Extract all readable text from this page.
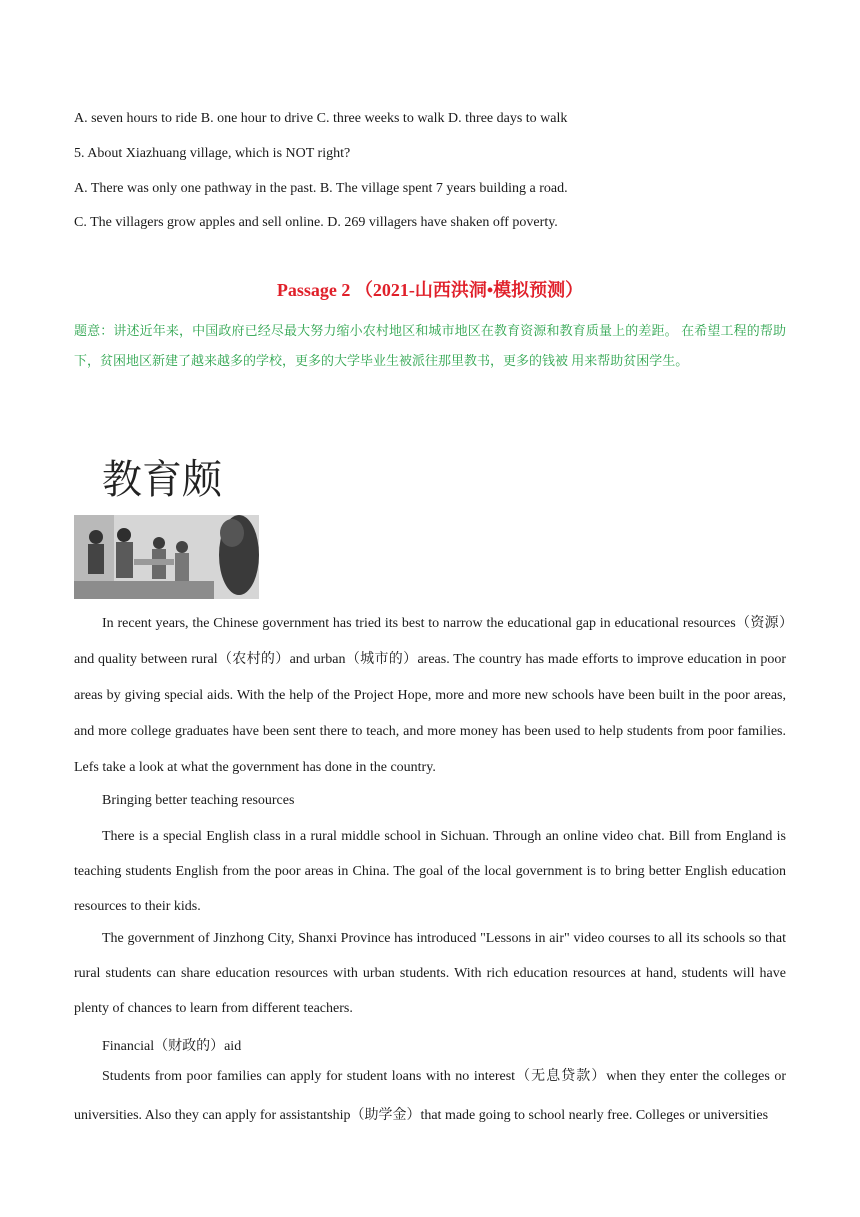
A. seven hours to ride B. one hour to drive C. three weeks to walk D. three days to walk
5. About Xiazhuang village, which is NOT right?
A. There was only one pathway in the past. B. The village spent 7 years building a road.
C. The villagers grow apples and sell online. D. 269 villagers have shaken off poverty.
Passage 2 （2021-山西洪洞•模拟预测）
题意：讲述近年来，中国政府已经尽最大努力缩小农村地区和城市地区在教育资源和教育质量上的差距。 在希望工程的帮助下，贫困地区新建了越来越多的学校，更多的大学毕业生被派往那里教书，更多的钱被 用来帮助贫困学生。
教育颇
In recent years, the Chinese government has tried its best to narrow the educational gap in educational resources（资源）and quality between rural（农村的）and urban（城市的）areas. The country has made efforts to improve education in poor areas by giving special aids. With the help of the Project Hope, more and more new schools have been built in the poor areas, and more college graduates have been sent there to teach, and more money has been used to help students from poor families. Lefs take a look at what the government has done in the country.
Bringing better teaching resources
There is a special English class in a rural middle school in Sichuan. Through an online video chat. Bill from England is teaching students English from the poor areas in China. The goal of the local government is to bring better English education resources to their kids.
The government of Jinzhong City, Shanxi Province has introduced "Lessons in air" video courses to all its schools so that rural students can share education resources with urban students. With rich education resources at hand, students will have plenty of chances to learn from different teachers.
Financial（财政的）aid
Students from poor families can apply for student loans with no interest（无息贷款）when they enter the colleges or universities. Also they can apply for assistantship（助学金）that made going to school nearly free. Colleges or universities
